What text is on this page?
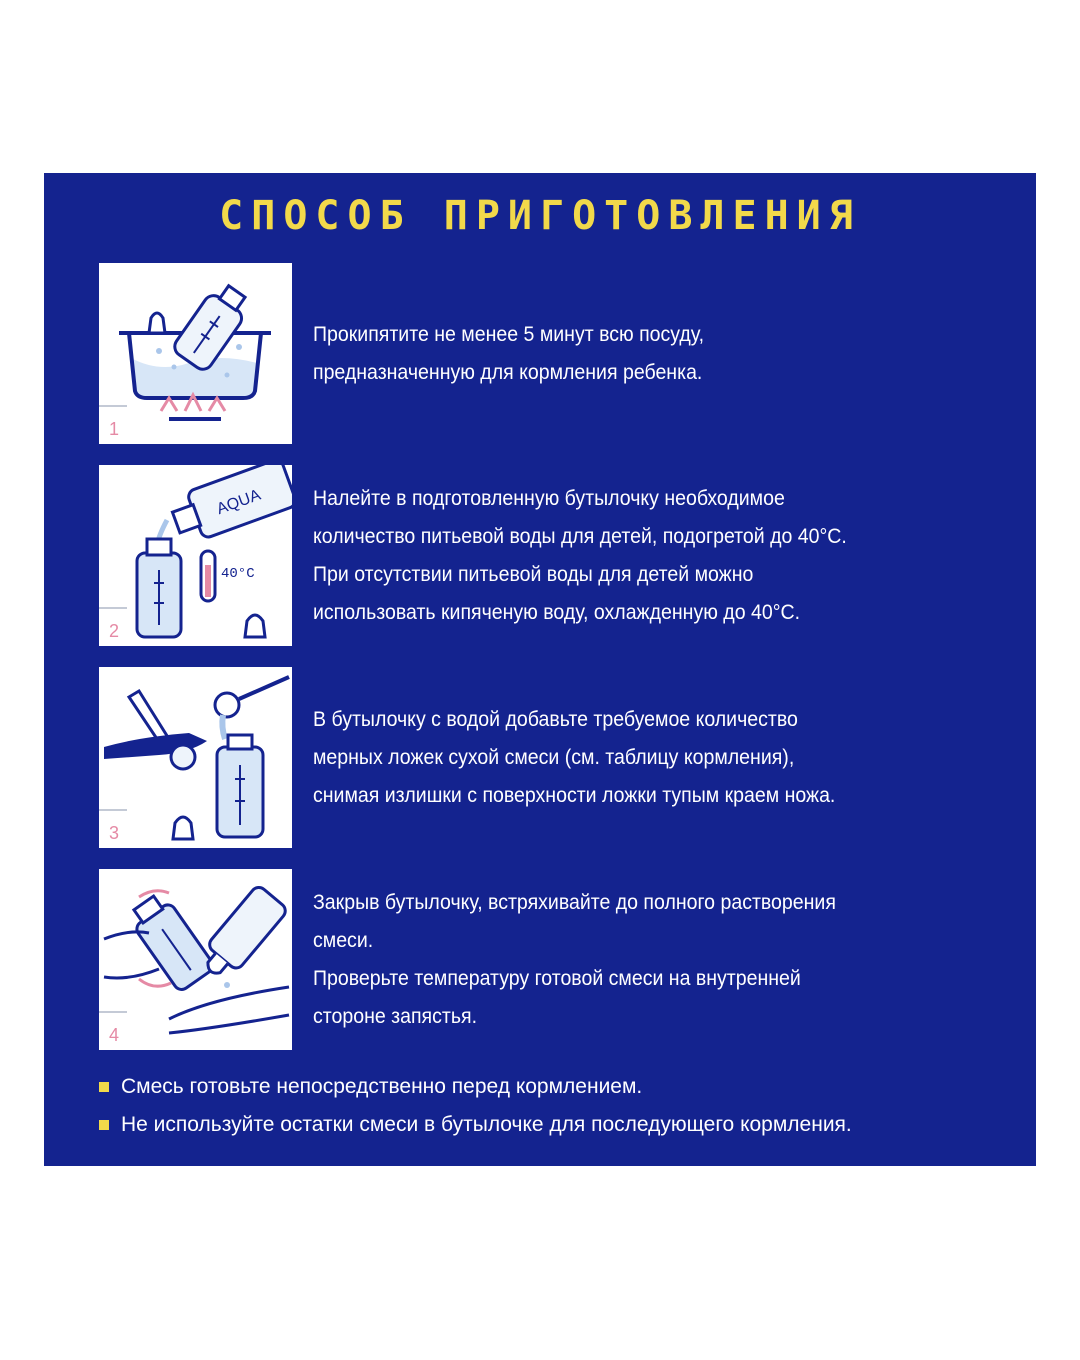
СПОСОБ ПРИГОТОВЛЕНИЯ
1
Прокипятите не менее 5 минут всю посуду,
предназначенную для кормления ребенка.
AQUA
40°C
2
Налейте в подготовленную бутылочку необходимое
количество питьевой воды для детей, подогретой до 40°С.
При отсутствии питьевой воды для детей можно
использовать кипяченую воду, охлажденную до 40°С.
3
В бутылочку с водой добавьте требуемое количество
мерных ложек сухой смеси (см. таблицу кормления),
снимая излишки с поверхности ложки тупым краем ножа.
4
Закрыв бутылочку, встряхивайте до полного растворения
смеси.
Проверьте температуру готовой смеси на внутренней
стороне запястья.
Смесь готовьте непосредственно перед кормлением.
Не используйте остатки смеси в бутылочке для последующего кормления.
